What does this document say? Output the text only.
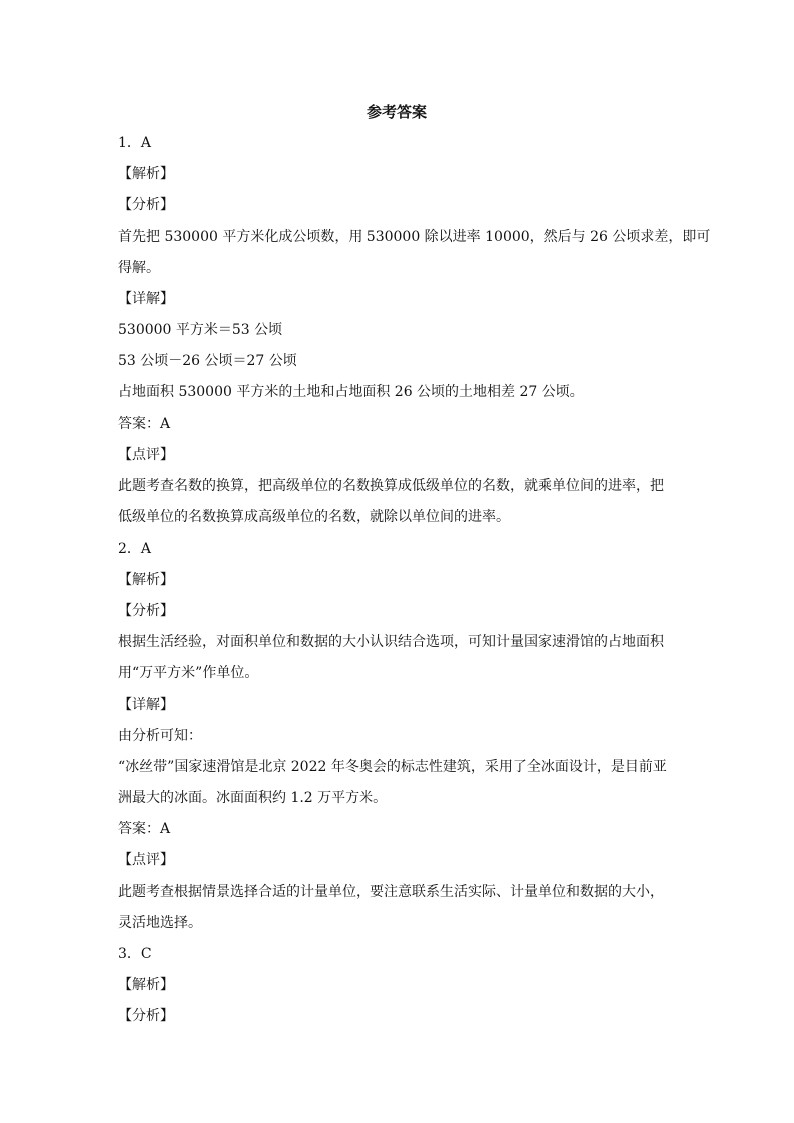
参考答案
1．A
【解析】
【分析】
首先把 530000 平方米化成公顷数，用 530000 除以进率 10000，然后与 26 公顷求差，即可
得解。
【详解】
530000 平方米＝53 公顷
53 公顷－26 公顷＝27 公顷
占地面积 530000 平方米的土地和占地面积 26 公顷的土地相差 27 公顷。
答案：A
【点评】
此题考查名数的换算，把高级单位的名数换算成低级单位的名数，就乘单位间的进率，把
低级单位的名数换算成高级单位的名数，就除以单位间的进率。
2．A
【解析】
【分析】
根据生活经验，对面积单位和数据的大小认识结合选项，可知计量国家速滑馆的占地面积
用“万平方米”作单位。
【详解】
由分析可知：
“冰丝带”国家速滑馆是北京 2022 年冬奥会的标志性建筑，采用了全冰面设计，是目前亚
洲最大的冰面。冰面面积约 1.2 万平方米。
答案：A
【点评】
此题考查根据情景选择合适的计量单位，要注意联系生活实际、计量单位和数据的大小，
灵活地选择。
3．C
【解析】
【分析】
